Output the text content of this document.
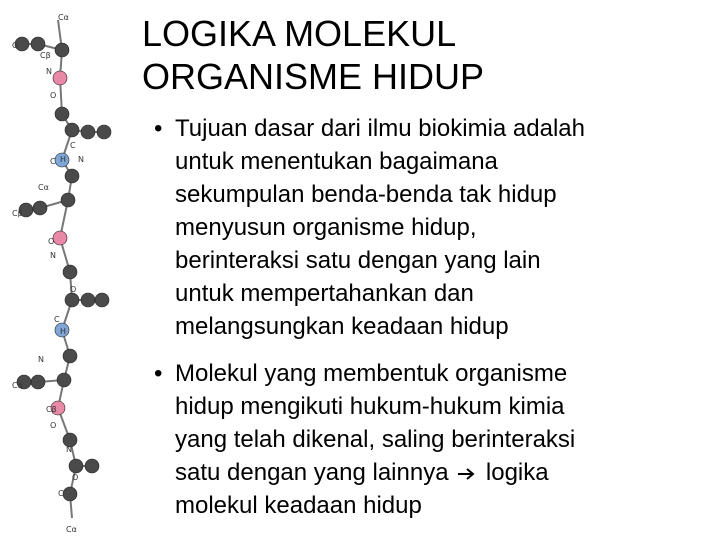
Cα
Cβ
O
N
O
C
C H N
Cα
Cβ
O
N
O
C
H
N
Cα
Cβ
O
N
O
C
Cα
LOGIKA MOLEKUL
ORGANISME HIDUP
• Tujuan dasar dari ilmu biokimia adalah
untuk menentukan bagaimana
sekumpulan benda-benda tak hidup
menyusun organisme hidup,
berinteraksi satu dengan yang lain
untuk mempertahankan dan
melangsungkan keadaan hidup
• Molekul yang membentuk organisme
hidup mengikuti hukum-hukum kimia
yang telah dikenal, saling berinteraksi
satu dengan yang lainnya logika
molekul keadaan hidup
